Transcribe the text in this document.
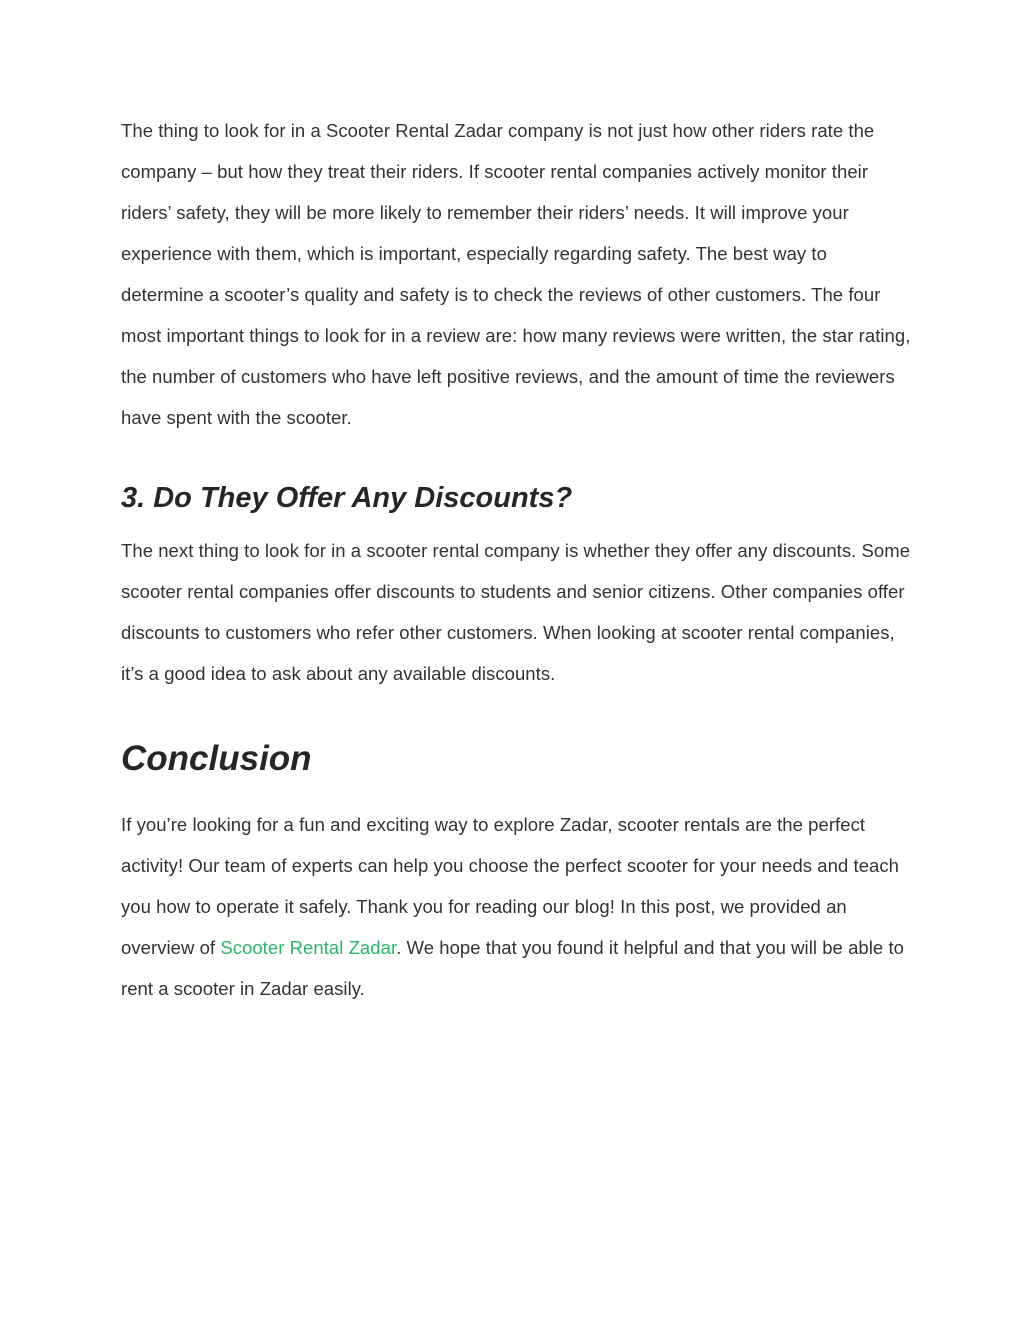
The thing to look for in a Scooter Rental Zadar company is not just how other riders rate the company – but how they treat their riders. If scooter rental companies actively monitor their riders’ safety, they will be more likely to remember their riders’ needs. It will improve your experience with them, which is important, especially regarding safety. The best way to determine a scooter’s quality and safety is to check the reviews of other customers. The four most important things to look for in a review are: how many reviews were written, the star rating, the number of customers who have left positive reviews, and the amount of time the reviewers have spent with the scooter.

3. Do They Offer Any Discounts?

The next thing to look for in a scooter rental company is whether they offer any discounts. Some scooter rental companies offer discounts to students and senior citizens. Other companies offer discounts to customers who refer other customers. When looking at scooter rental companies, it’s a good idea to ask about any available discounts.

Conclusion

If you’re looking for a fun and exciting way to explore Zadar, scooter rentals are the perfect activity! Our team of experts can help you choose the perfect scooter for your needs and teach you how to operate it safely. Thank you for reading our blog! In this post, we provided an overview of Scooter Rental Zadar. We hope that you found it helpful and that you will be able to rent a scooter in Zadar easily.
